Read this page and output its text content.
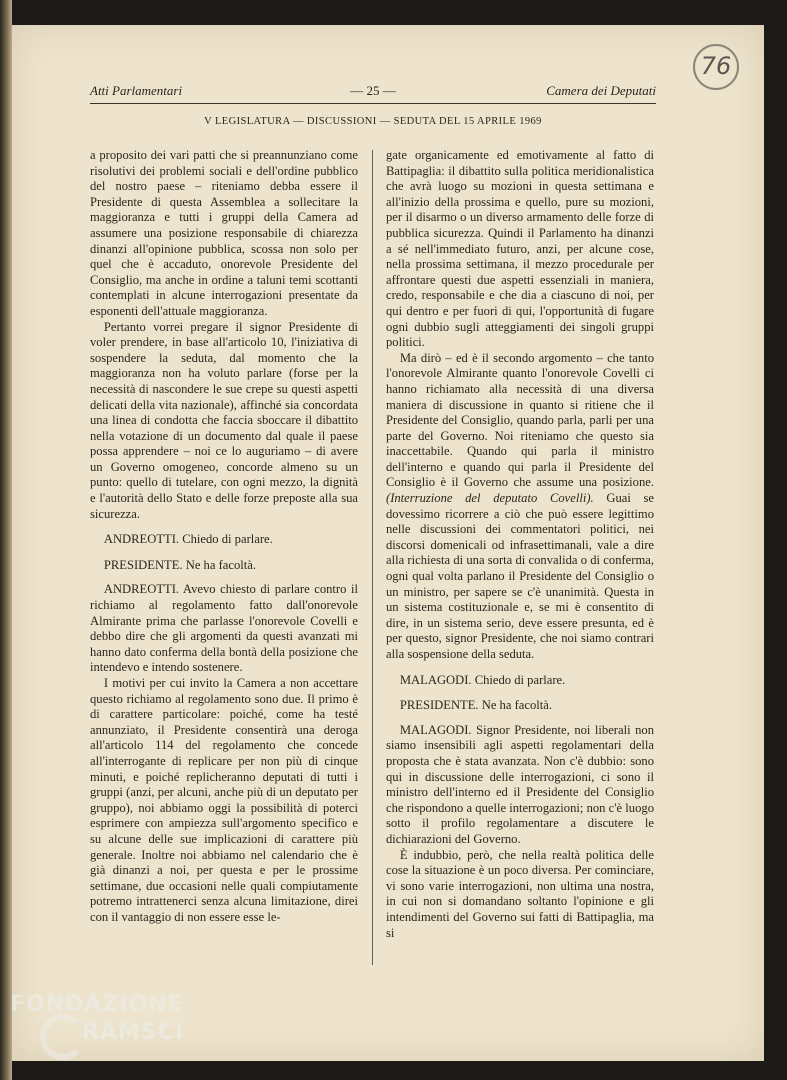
76
Atti Parlamentari	— 25 —	Camera dei Deputati
V LEGISLATURA — DISCUSSIONI — SEDUTA DEL 15 APRILE 1969

a proposito dei vari patti che si preannunziano come risolutivi dei problemi sociali e dell'ordine pubblico del nostro paese – riteniamo debba essere il Presidente di questa Assemblea a sollecitare la maggioranza e tutti i gruppi della Camera ad assumere una posizione responsabile di chiarezza dinanzi all'opinione pubblica, scossa non solo per quel che è accaduto, onorevole Presidente del Consiglio, ma anche in ordine a taluni temi scottanti contemplati in alcune interrogazioni presentate da esponenti dell'attuale maggioranza.

Pertanto vorrei pregare il signor Presidente di voler prendere, in base all'articolo 10, l'iniziativa di sospendere la seduta, dal momento che la maggioranza non ha voluto parlare (forse per la necessità di nascondere le sue crepe su questi aspetti delicati della vita nazionale), affinché sia concordata una linea di condotta che faccia sboccare il dibattito nella votazione di un documento dal quale il paese possa apprendere – noi ce lo auguriamo – di avere un Governo omogeneo, concorde almeno su un punto: quello di tutelare, con ogni mezzo, la dignità e l'autorità dello Stato e delle forze preposte alla sua sicurezza.

ANDREOTTI. Chiedo di parlare.

PRESIDENTE. Ne ha facoltà.

ANDREOTTI. Avevo chiesto di parlare contro il richiamo al regolamento fatto dall'onorevole Almirante prima che parlasse l'onorevole Covelli e debbo dire che gli argomenti da questi avanzati mi hanno dato conferma della bontà della posizione che intendevo e intendo sostenere.

I motivi per cui invito la Camera a non accettare questo richiamo al regolamento sono due. Il primo è di carattere particolare: poiché, come ha testé annunziato, il Presidente consentirà una deroga all'articolo 114 del regolamento che concede all'interrogante di replicare per non più di cinque minuti, e poiché replicheranno deputati di tutti i gruppi (anzi, per alcuni, anche più di un deputato per gruppo), noi abbiamo oggi la possibilità di poterci esprimere con ampiezza sull'argomento specifico e su alcune delle sue implicazioni di carattere più generale. Inoltre noi abbiamo nel calendario che è già dinanzi a noi, per questa e per le prossime settimane, due occasioni nelle quali compiutamente potremo intrattenerci senza alcuna limitazione, direi con il vantaggio di non essere esse le-

gate organicamente ed emotivamente al fatto di Battipaglia: il dibattito sulla politica meridionalistica che avrà luogo su mozioni in questa settimana e all'inizio della prossima e quello, pure su mozioni, per il disarmo o un diverso armamento delle forze di pubblica sicurezza. Quindi il Parlamento ha dinanzi a sé nell'immediato futuro, anzi, per alcune cose, nella prossima settimana, il mezzo procedurale per affrontare questi due aspetti essenziali in maniera, credo, responsabile e che dia a ciascuno di noi, per qui dentro e per fuori di qui, l'opportunità di fugare ogni dubbio sugli atteggiamenti dei singoli gruppi politici.

Ma dirò – ed è il secondo argomento – che tanto l'onorevole Almirante quanto l'onorevole Covelli ci hanno richiamato alla necessità di una diversa maniera di discussione in quanto si ritiene che il Presidente del Consiglio, quando parla, parli per una parte del Governo. Noi riteniamo che questo sia inaccettabile. Quando qui parla il ministro dell'interno e quando qui parla il Presidente del Consiglio è il Governo che assume una posizione. (Interruzione del deputato Covelli). Guai se dovessimo ricorrere a ciò che può essere legittimo nelle discussioni dei commentatori politici, nei discorsi domenicali od infrasettimanali, vale a dire alla richiesta di una sorta di convalida o di conferma, ogni qual volta parlano il Presidente del Consiglio o un ministro, per sapere se c'è unanimità. Questa in un sistema costituzionale e, se mi è consentito di dire, in un sistema serio, deve essere presunta, ed è per questo, signor Presidente, che noi siamo contrari alla sospensione della seduta.

MALAGODI. Chiedo di parlare.

PRESIDENTE. Ne ha facoltà.

MALAGODI. Signor Presidente, noi liberali non siamo insensibili agli aspetti regolamentari della proposta che è stata avanzata. Non c'è dubbio: sono qui in discussione delle interrogazioni, ci sono il ministro dell'interno ed il Presidente del Consiglio che rispondono a quelle interrogazioni; non c'è luogo sotto il profilo regolamentare a discutere le dichiarazioni del Governo.

È indubbio, però, che nella realtà politica delle cose la situazione è un poco diversa. Per cominciare, vi sono varie interrogazioni, non ultima una nostra, in cui non si domandano soltanto l'opinione e gli intendimenti del Governo sui fatti di Battipaglia, ma si

FONDAZIONE
RAMSCI
